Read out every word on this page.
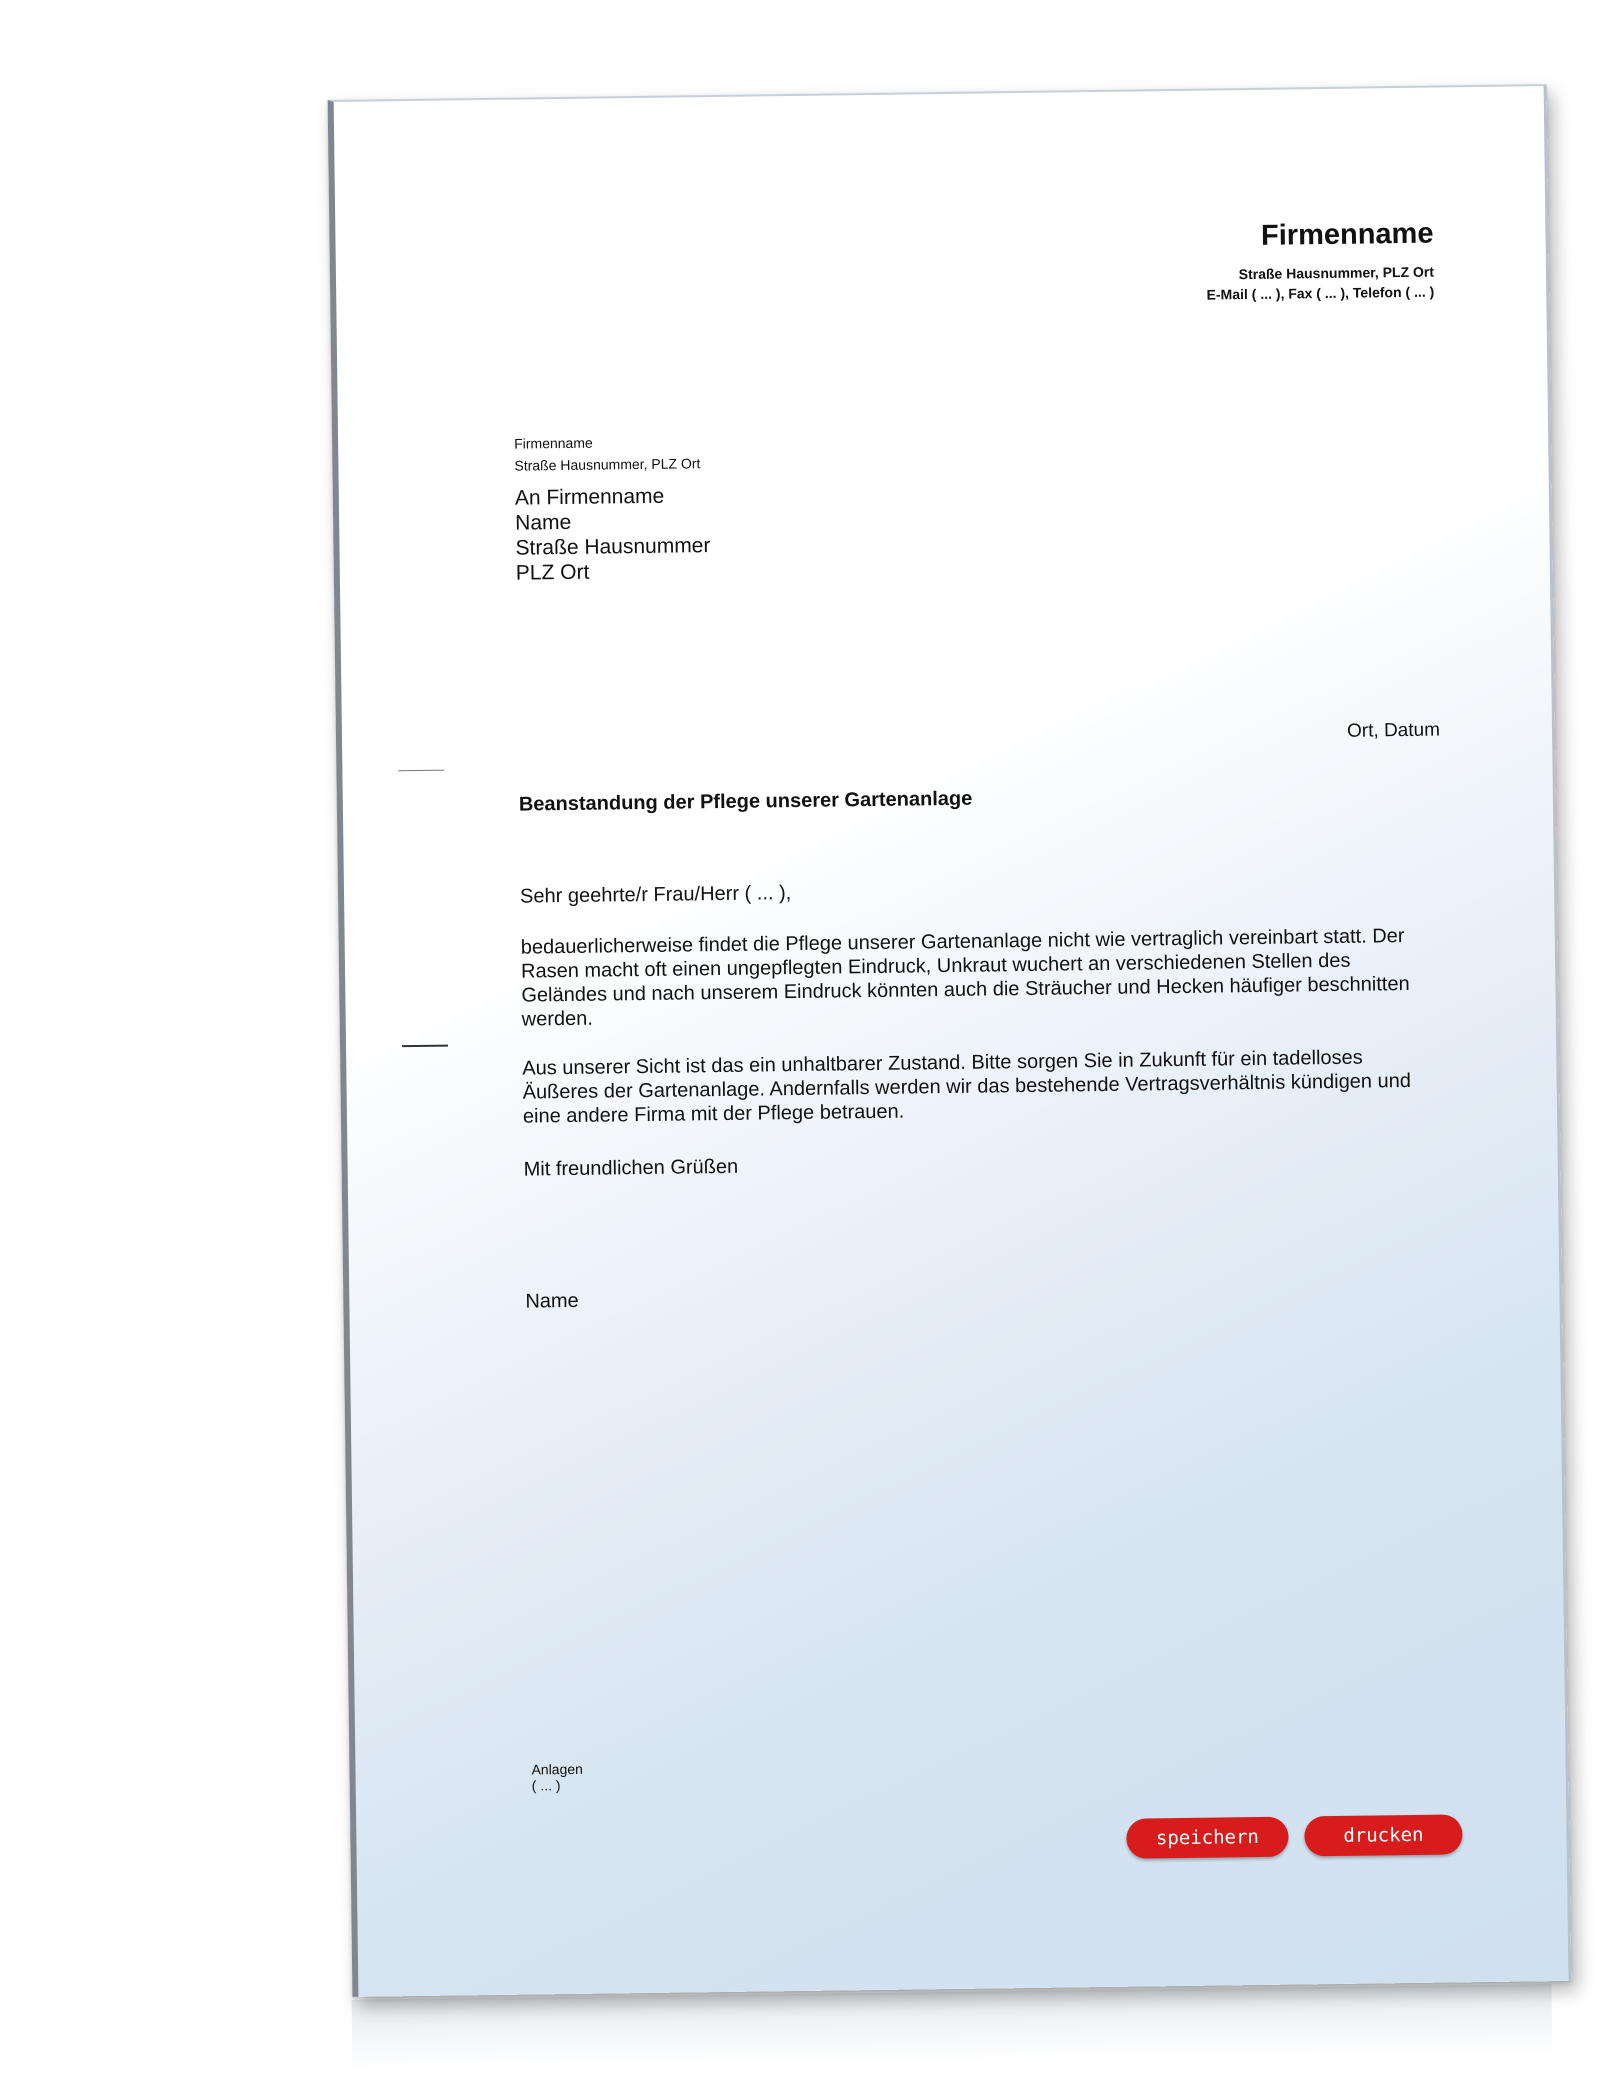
Firmenname
Straße Hausnummer, PLZ Ort
E-Mail ( ... ), Fax ( ... ), Telefon ( ... )
Firmenname
Straße Hausnummer, PLZ Ort
An Firmenname
Name
Straße Hausnummer
PLZ Ort
Ort, Datum
Beanstandung der Pflege unserer Gartenanlage
Sehr geehrte/r Frau/Herr ( ... ),

bedauerlicherweise findet die Pflege unserer Gartenanlage nicht wie vertraglich vereinbart statt. Der Rasen macht oft einen ungepflegten Eindruck, Unkraut wuchert an verschiedenen Stellen des Geländes und nach unserem Eindruck könnten auch die Sträucher und Hecken häufiger beschnitten werden.

Aus unserer Sicht ist das ein unhaltbarer Zustand. Bitte sorgen Sie in Zukunft für ein tadelloses Äußeres der Gartenanlage. Andernfalls werden wir das bestehende Vertragsverhältnis kündigen und eine andere Firma mit der Pflege betrauen.

Mit freundlichen Grüßen
Name
Anlagen
( ... )
speichern	drucken
